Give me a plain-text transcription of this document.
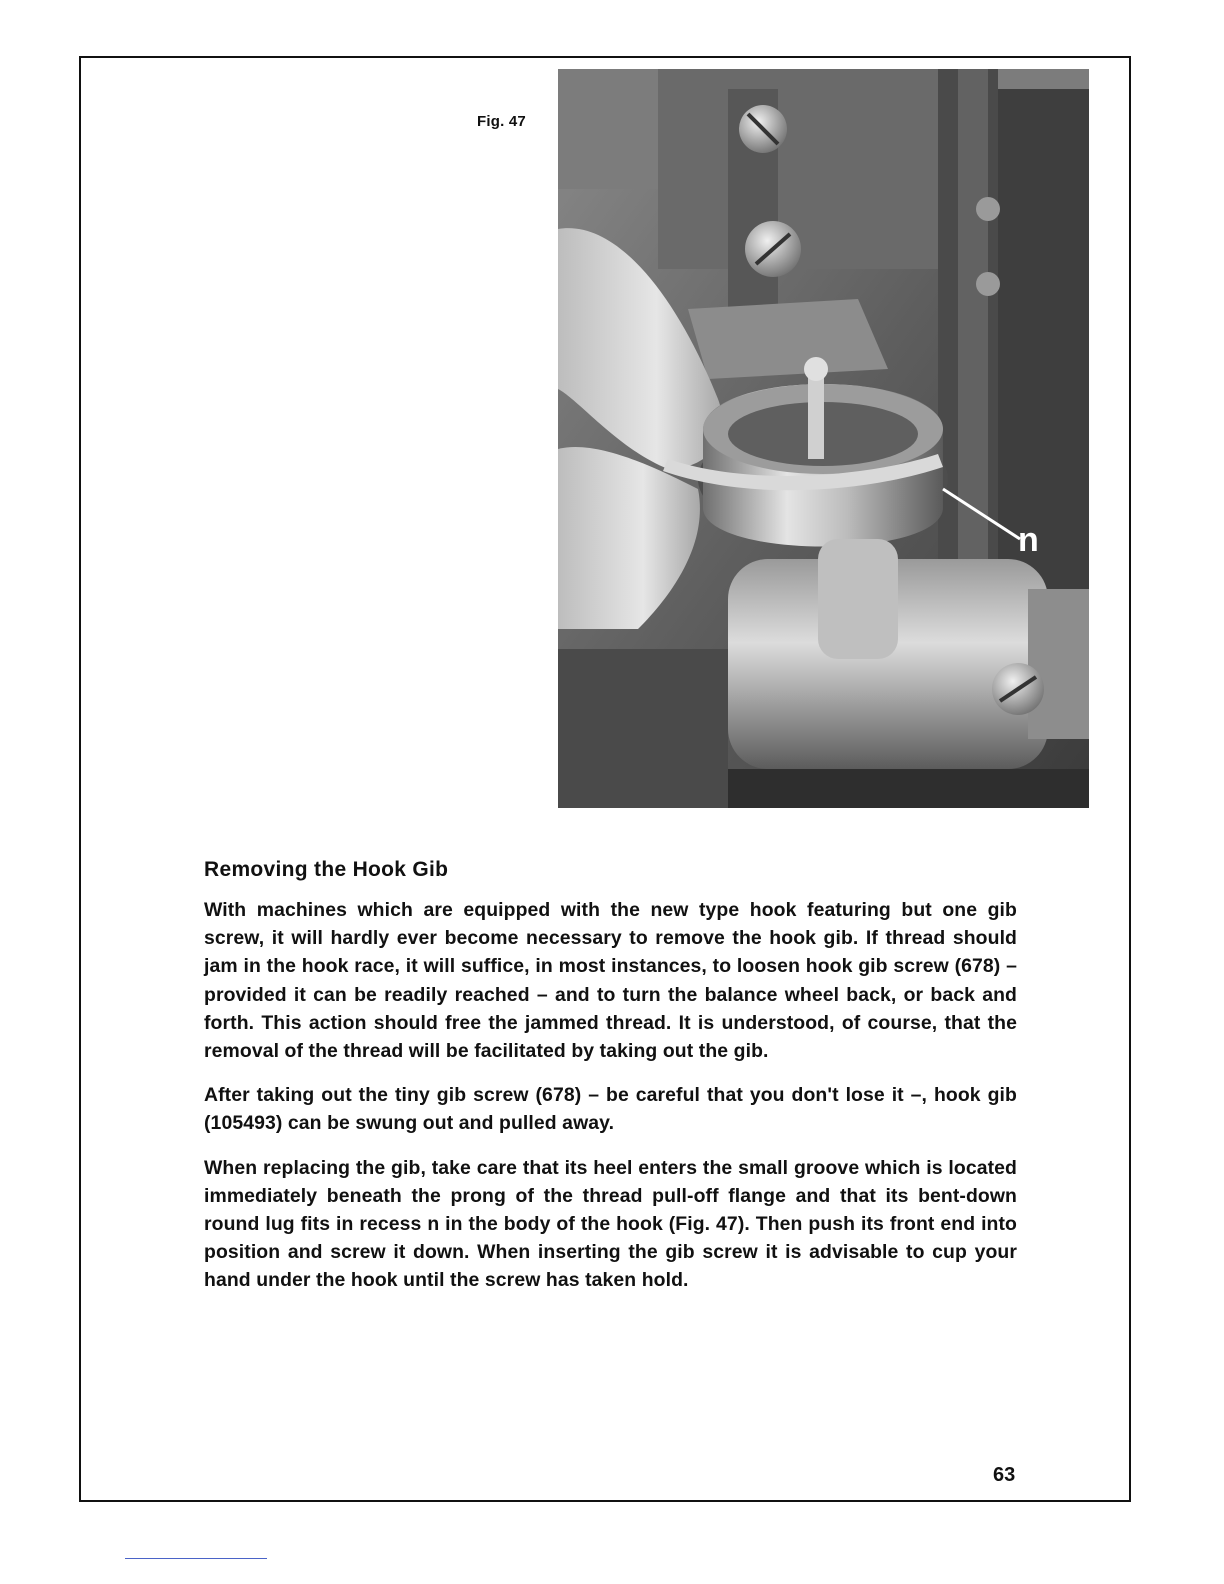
Fig. 47
n
Removing the Hook Gib

With machines which are equipped with the new type hook featuring but one gib screw, it will hardly ever become necessary to remove the hook gib. If thread should jam in the hook race, it will suffice, in most instances, to loosen hook gib screw (678) – provided it can be readily reached – and to turn the balance wheel back, or back and forth. This action should free the jammed thread. It is understood, of course, that the removal of the thread will be facilitated by taking out the gib.

After taking out the tiny gib screw (678) – be careful that you don't lose it –, hook gib (105493) can be swung out and pulled away.

When replacing the gib, take care that its heel enters the small groove which is located immediately beneath the prong of the thread pull-off flange and that its bent-down round lug fits in recess n in the body of the hook (Fig. 47). Then push its front end into position and screw it down. When inserting the gib screw it is advisable to cup your hand under the hook until the screw has taken hold.

63
